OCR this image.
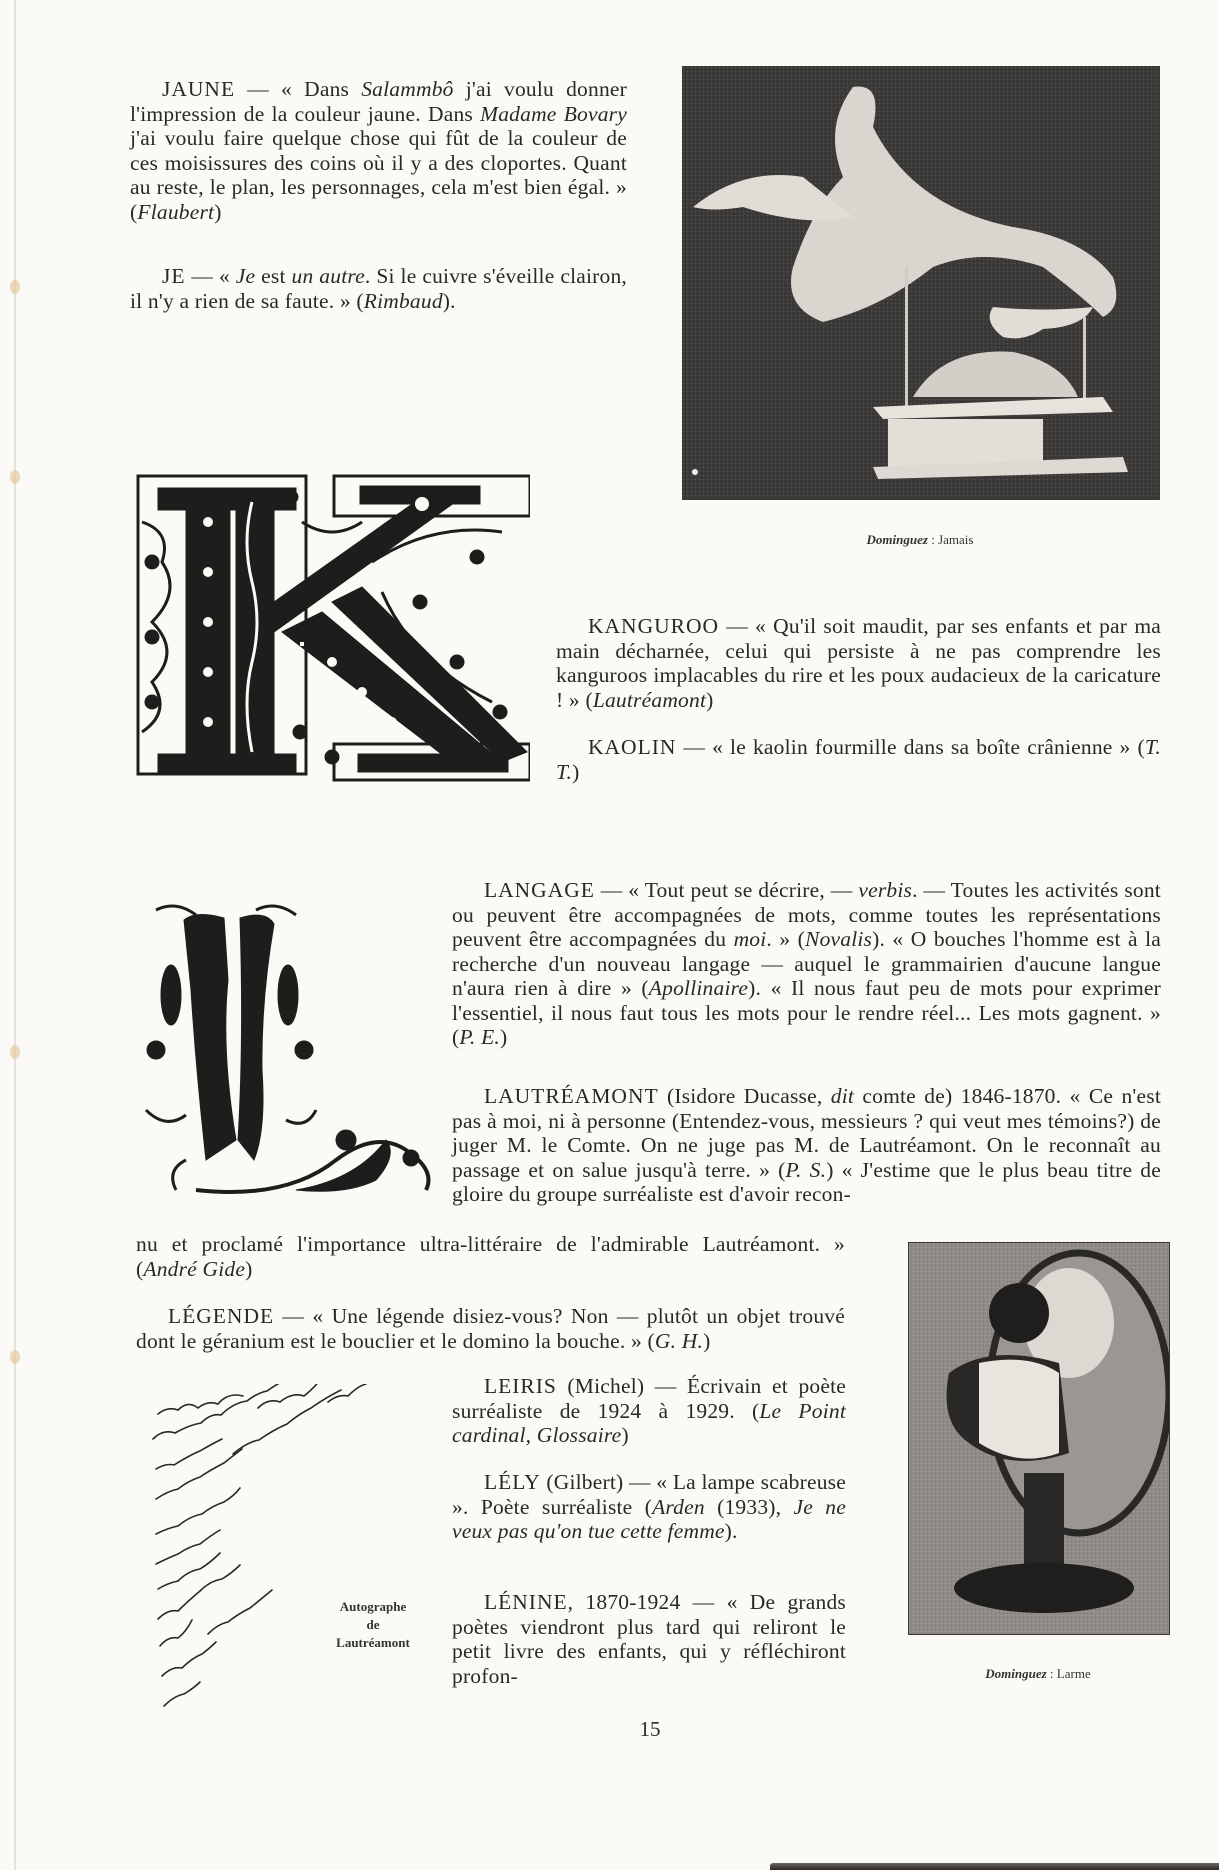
JAUNE — « Dans Salammbô j'ai voulu donner l'impression de la couleur jaune. Dans Madame Bovary j'ai voulu faire quelque chose qui fût de la couleur de ces moisissures des coins où il y a des cloportes. Quant au reste, le plan, les personnages, cela m'est bien égal. » (Flaubert)

JE — « Je est un autre. Si le cuivre s'éveille clairon, il n'y a rien de sa faute. » (Rimbaud).

Dominguez : Jamais

KANGUROO — « Qu'il soit maudit, par ses enfants et par ma main décharnée, celui qui persiste à ne pas comprendre les kanguroos implacables du rire et les poux audacieux de la caricature ! » (Lautréamont)

KAOLIN — « le kaolin fourmille dans sa boîte crânienne » (T. T.)

LANGAGE — « Tout peut se décrire, — verbis. — Toutes les activités sont ou peuvent être accompagnées de mots, comme toutes les représentations peuvent être accompagnées du moi. » (Novalis). « O bouches l'homme est à la recherche d'un nouveau langage — auquel le grammairien d'aucune langue n'aura rien à dire » (Apollinaire). « Il nous faut peu de mots pour exprimer l'essentiel, il nous faut tous les mots pour le rendre réel... Les mots gagnent. » (P. E.)

LAUTRÉAMONT (Isidore Ducasse, dit comte de) 1846-1870. « Ce n'est pas à moi, ni à personne (Entendez-vous, messieurs ? qui veut mes témoins?) de juger M. le Comte. On ne juge pas M. de Lautréamont. On le reconnaît au passage et on salue jusqu'à terre. » (P. S.) « J'estime que le plus beau titre de gloire du groupe surréaliste est d'avoir recon-

nu et proclamé l'importance ultra-littéraire de l'admirable Lautréamont. » (André Gide)

Dominguez : Larme

LÉGENDE — « Une légende disiez-vous? Non — plutôt un objet trouvé dont le géranium est le bouclier et le domino la bouche. » (G. H.)

Autographe
de
Lautréamont

LEIRIS (Michel) — Écrivain et poète surréaliste de 1924 à 1929. (Le Point cardinal, Glossaire)

LÉLY (Gilbert) — « La lampe scabreuse ». Poète surréaliste (Arden (1933), Je ne veux pas qu'on tue cette femme).

LÉNINE, 1870-1924 — « De grands poètes viendront plus tard qui reliront le petit livre des enfants, qui y réfléchiront profon-

15
